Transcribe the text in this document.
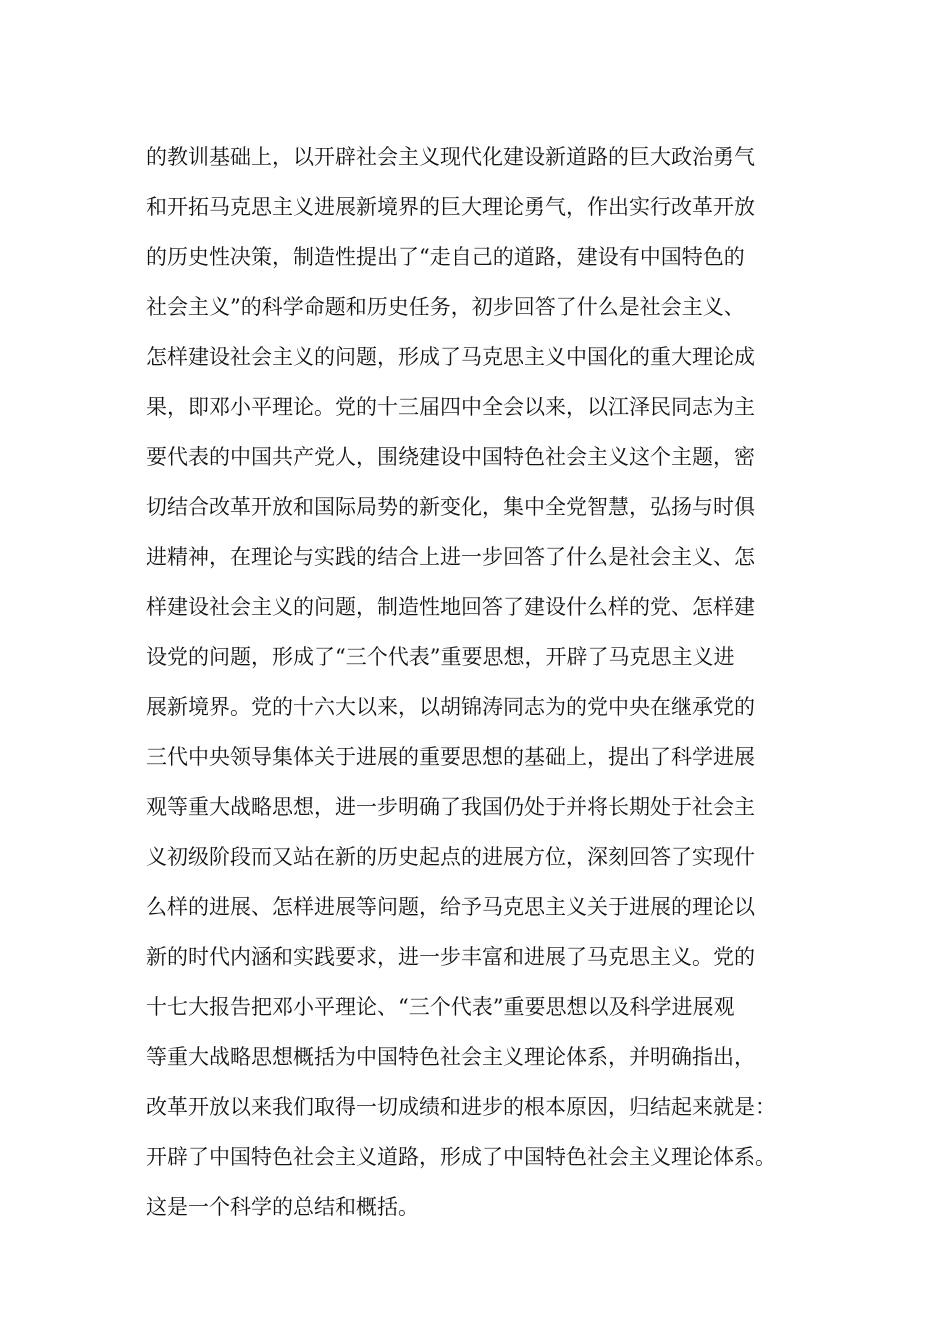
的教训基础上，以开辟社会主义现代化建设新道路的巨大政治勇气
和开拓马克思主义进展新境界的巨大理论勇气，作出实行改革开放
的历史性决策，制造性提出了“走自己的道路，建设有中国特色的
社会主义”的科学命题和历史任务，初步回答了什么是社会主义、
怎样建设社会主义的问题，形成了马克思主义中国化的重大理论成
果，即邓小平理论。党的十三届四中全会以来，以江泽民同志为主
要代表的中国共产党人，围绕建设中国特色社会主义这个主题，密
切结合改革开放和国际局势的新变化，集中全党智慧，弘扬与时俱
进精神，在理论与实践的结合上进一步回答了什么是社会主义、怎
样建设社会主义的问题，制造性地回答了建设什么样的党、怎样建
设党的问题，形成了“三个代表”重要思想，开辟了马克思主义进
展新境界。党的十六大以来，以胡锦涛同志为的党中央在继承党的
三代中央领导集体关于进展的重要思想的基础上，提出了科学进展
观等重大战略思想，进一步明确了我国仍处于并将长期处于社会主
义初级阶段而又站在新的历史起点的进展方位，深刻回答了实现什
么样的进展、怎样进展等问题，给予马克思主义关于进展的理论以
新的时代内涵和实践要求，进一步丰富和进展了马克思主义。党的
十七大报告把邓小平理论、“三个代表”重要思想以及科学进展观
等重大战略思想概括为中国特色社会主义理论体系，并明确指出，
改革开放以来我们取得一切成绩和进步的根本原因，归结起来就是：
开辟了中国特色社会主义道路，形成了中国特色社会主义理论体系。
这是一个科学的总结和概括。
